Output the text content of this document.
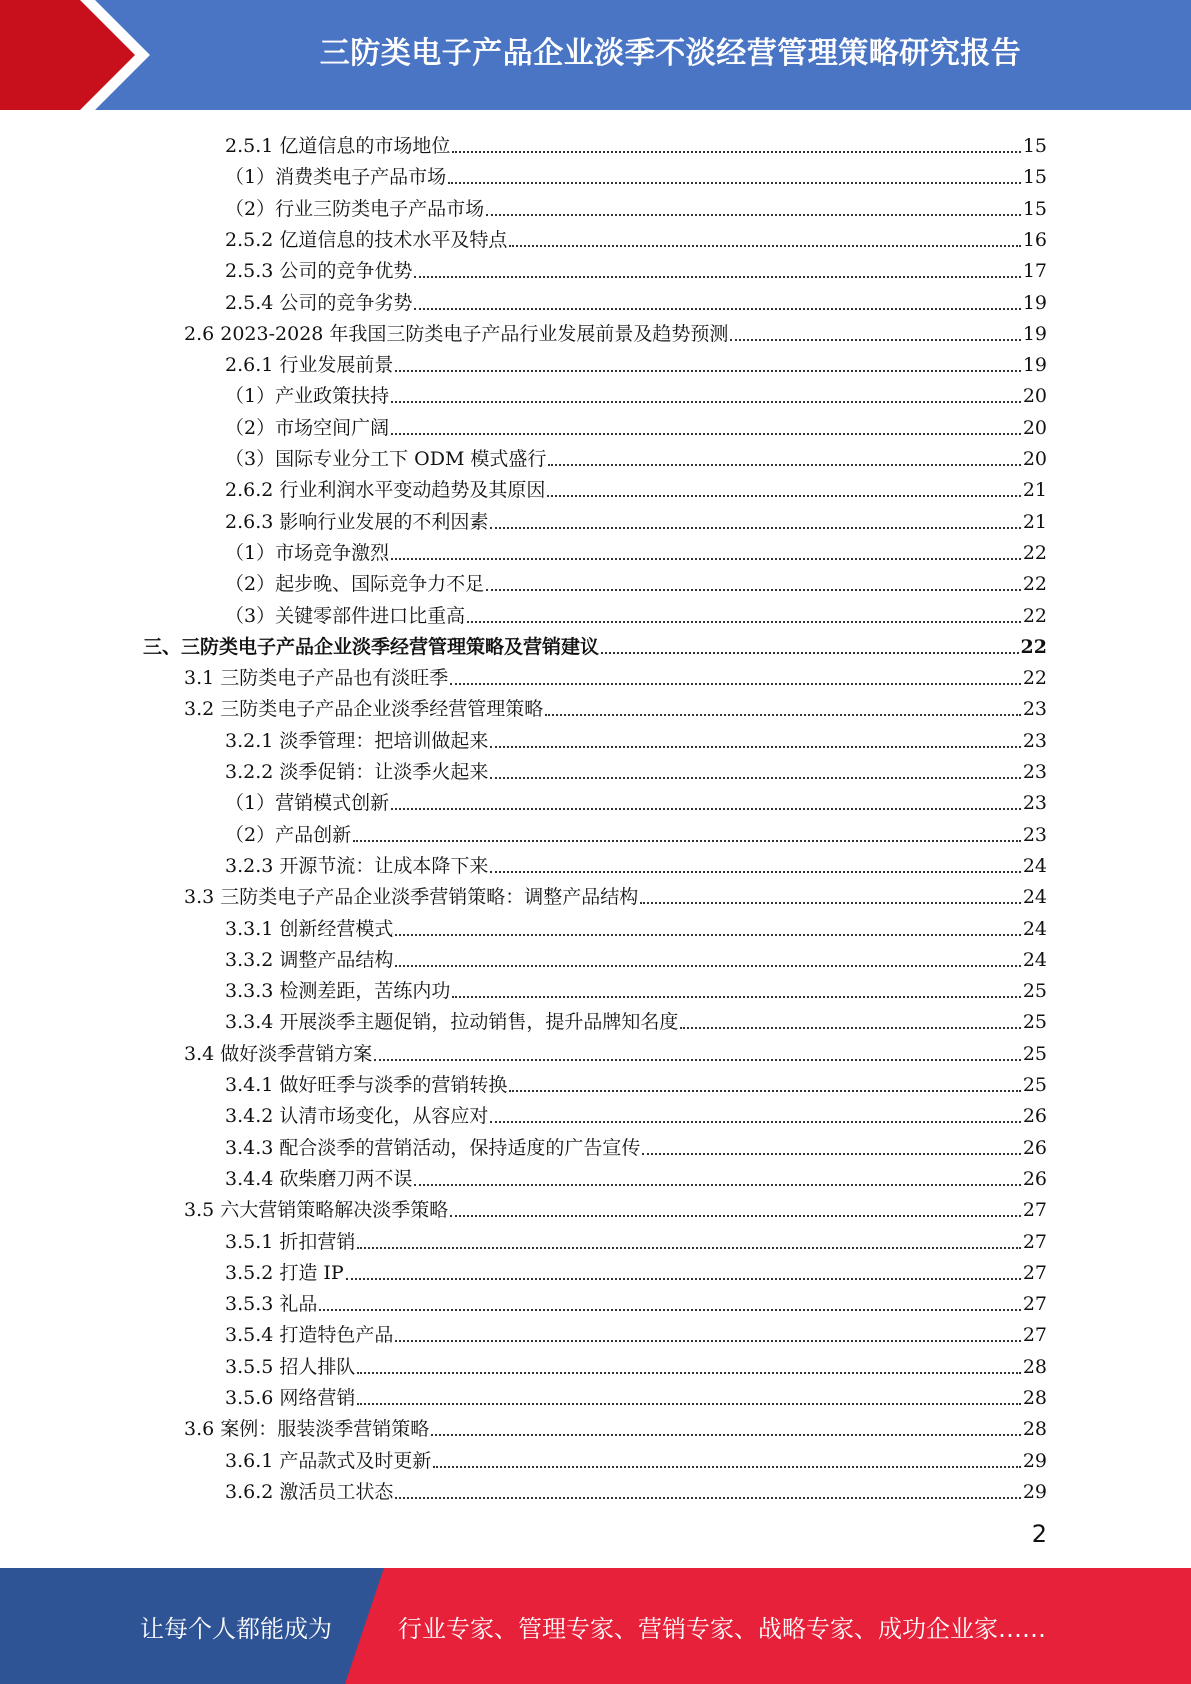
三防类电子产品企业淡季不淡经营管理策略研究报告
2.5.1 亿道信息的市场地位	15
（1）消费类电子产品市场	15
（2）行业三防类电子产品市场	15
2.5.2 亿道信息的技术水平及特点	16
2.5.3 公司的竞争优势	17
2.5.4 公司的竞争劣势	19
2.6 2023-2028 年我国三防类电子产品行业发展前景及趋势预测	19
2.6.1 行业发展前景	19
（1）产业政策扶持	20
（2）市场空间广阔	20
（3）国际专业分工下 ODM 模式盛行	20
2.6.2 行业利润水平变动趋势及其原因	21
2.6.3 影响行业发展的不利因素	21
（1）市场竞争激烈	22
（2）起步晚、国际竞争力不足	22
（3）关键零部件进口比重高	22
三、三防类电子产品企业淡季经营管理策略及营销建议	22
3.1 三防类电子产品也有淡旺季	22
3.2 三防类电子产品企业淡季经营管理策略	23
3.2.1 淡季管理：把培训做起来	23
3.2.2 淡季促销：让淡季火起来	23
（1）营销模式创新	23
（2）产品创新	23
3.2.3 开源节流：让成本降下来	24
3.3 三防类电子产品企业淡季营销策略：调整产品结构	24
3.3.1 创新经营模式	24
3.3.2 调整产品结构	24
3.3.3 检测差距，苦练内功	25
3.3.4 开展淡季主题促销，拉动销售，提升品牌知名度	25
3.4 做好淡季营销方案	25
3.4.1 做好旺季与淡季的营销转换	25
3.4.2 认清市场变化，从容应对	26
3.4.3 配合淡季的营销活动，保持适度的广告宣传	26
3.4.4 砍柴磨刀两不误	26
3.5 六大营销策略解决淡季策略	27
3.5.1 折扣营销	27
3.5.2 打造 IP	27
3.5.3 礼品	27
3.5.4 打造特色产品	27
3.5.5 招人排队	28
3.5.6 网络营销	28
3.6 案例：服装淡季营销策略	28
3.6.1 产品款式及时更新	29
3.6.2 激活员工状态	29
2
让每个人都能成为	行业专家、管理专家、营销专家、战略专家、成功企业家……
